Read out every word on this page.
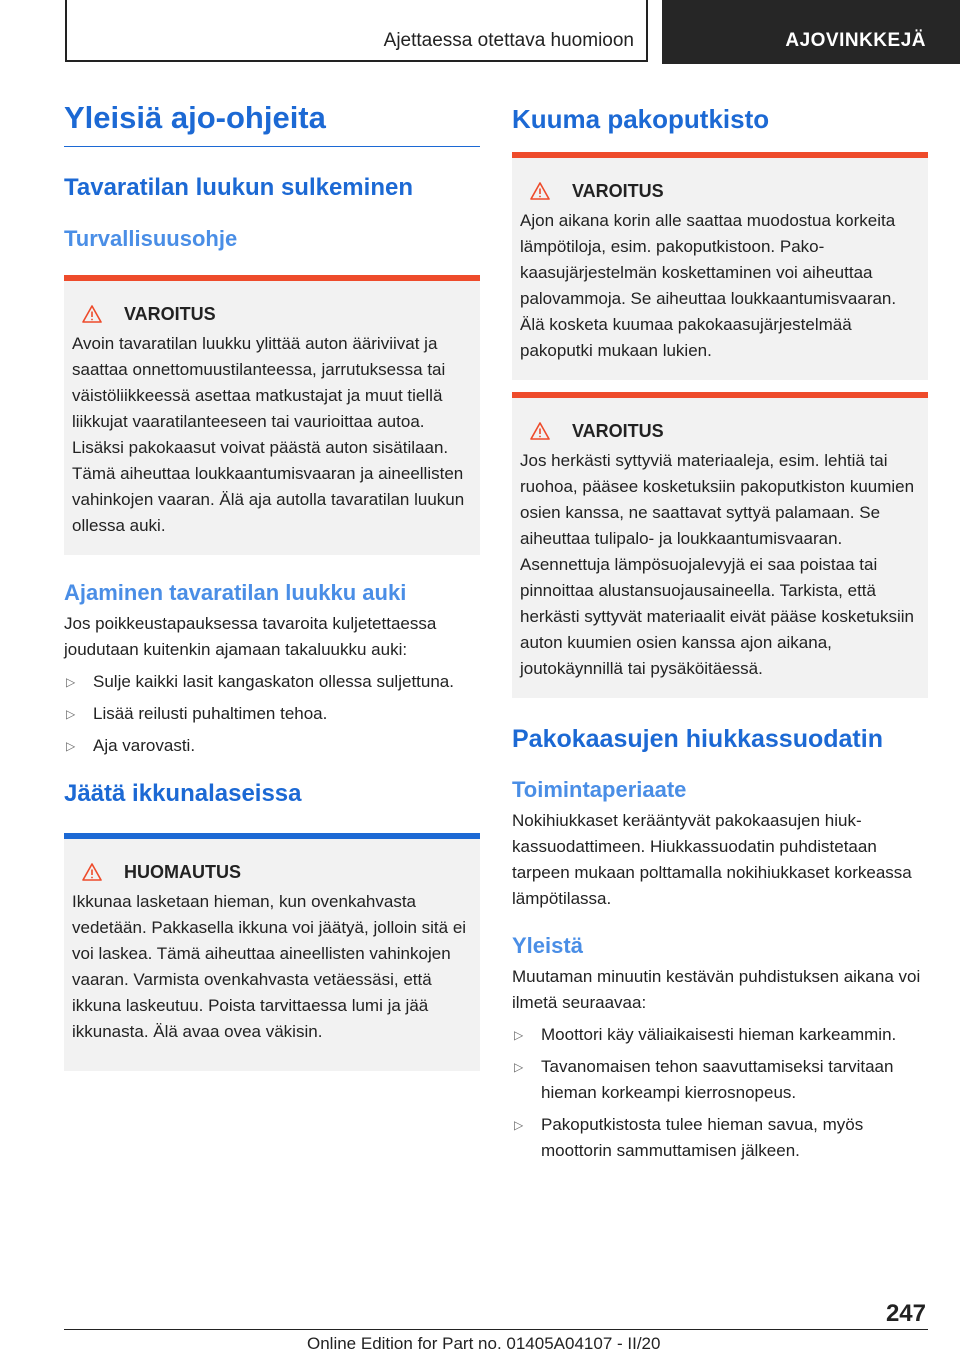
Ajettaessa otettava huomioon	AJOVINKKEJÄ
Yleisiä ajo-ohjeita
Tavaratilan luukun sulkeminen
Turvallisuusohje
VAROITUS
Avoin tavaratilan luukku ylittää auton ääriviivat ja saattaa onnettomuustilanteessa, jarrutuksessa tai väistöliikkeessä asettaa matkustajat ja muut tiellä liikkujat vaaratilanteeseen tai vaurioittaa autoa. Lisäksi pakokaasut voivat päästä auton sisätilaan. Tämä aiheuttaa loukkaantumisvaaran ja aineellisten vahinkojen vaaran. Älä aja autolla tavaratilan luukun ollessa auki.
Ajaminen tavaratilan luukku auki
Jos poikkeustapauksessa tavaroita kuljetettaessa joudutaan kuitenkin ajamaan takaluukku auki:
▷ Sulje kaikki lasit kangaskaton ollessa suljettuna.
▷ Lisää reilusti puhaltimen tehoa.
▷ Aja varovasti.
Jäätä ikkunalaseissa
HUOMAUTUS
Ikkunaa lasketaan hieman, kun ovenkahvasta vedetään. Pakkasella ikkuna voi jäätyä, jolloin sitä ei voi laskea. Tämä aiheuttaa aineellisten vahinkojen vaaran. Varmista ovenkahvasta vetäessäsi, että ikkuna laskeutuu. Poista tarvittaessa lumi ja jää ikkunasta. Älä avaa ovea väkisin.
Kuuma pakoputkisto
VAROITUS
Ajon aikana korin alle saattaa muodostua korkeita lämpötiloja, esim. pakoputkistoon. Pakokaasujärjestelmän koskettaminen voi aiheuttaa palovammoja. Se aiheuttaa loukkaantumisvaaran. Älä kosketa kuumaa pakokaasujärjestelmää pakoputki mukaan lukien.
VAROITUS
Jos herkästi syttyviä materiaaleja, esim. lehtiä tai ruohoa, pääsee kosketuksiin pakoputkiston kuumien osien kanssa, ne saattavat syttyä palamaan. Se aiheuttaa tulipalo- ja loukkaantumisvaaran. Asennettuja lämpösuojalevyjä ei saa poistaa tai pinnoittaa alustansuojausaineella. Tarkista, että herkästi syttyvät materiaalit eivät pääse kosketuksiin auton kuumien osien kanssa ajon aikana, joutokäynnillä tai pysäköitäessä.
Pakokaasujen hiukkassuodatin
Toimintaperiaate
Nokihiukkaset kerääntyvät pakokaasujen hiukkassuodattimeen. Hiukkassuodatin puhdistetaan tarpeen mukaan polttamalla nokihiukkaset korkeassa lämpötilassa.
Yleistä
Muutaman minuutin kestävän puhdistuksen aikana voi ilmetä seuraavaa:
▷ Moottori käy väliaikaisesti hieman karkeammin.
▷ Tavanomaisen tehon saavuttamiseksi tarvitaan hieman korkeampi kierrosnopeus.
▷ Pakoputkistosta tulee hieman savua, myös moottorin sammuttamisen jälkeen.
247
Online Edition for Part no. 01405A04107 - II/20
